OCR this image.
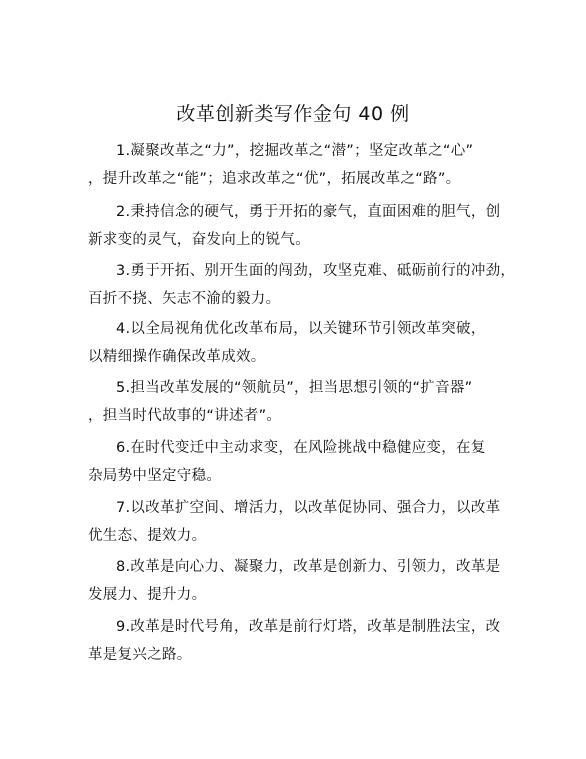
改革创新类写作金句 40 例
1.凝聚改革之“力”，挖掘改革之“潜”；坚定改革之“心”
，提升改革之“能”；追求改革之“优”，拓展改革之“路”。
2.秉持信念的硬气，勇于开拓的豪气，直面困难的胆气，创
新求变的灵气，奋发向上的锐气。
3.勇于开拓、别开生面的闯劲，攻坚克难、砥砺前行的冲劲，
百折不挠、矢志不渝的毅力。
4.以全局视角优化改革布局，以关键环节引领改革突破，
以精细操作确保改革成效。
5.担当改革发展的“领航员”，担当思想引领的“扩音器”
，担当时代故事的“讲述者”。
6.在时代变迁中主动求变，在风险挑战中稳健应变，在复
杂局势中坚定守稳。
7.以改革扩空间、增活力，以改革促协同、强合力，以改革
优生态、提效力。
8.改革是向心力、凝聚力，改革是创新力、引领力，改革是
发展力、提升力。
9.改革是时代号角，改革是前行灯塔，改革是制胜法宝，改
革是复兴之路。
